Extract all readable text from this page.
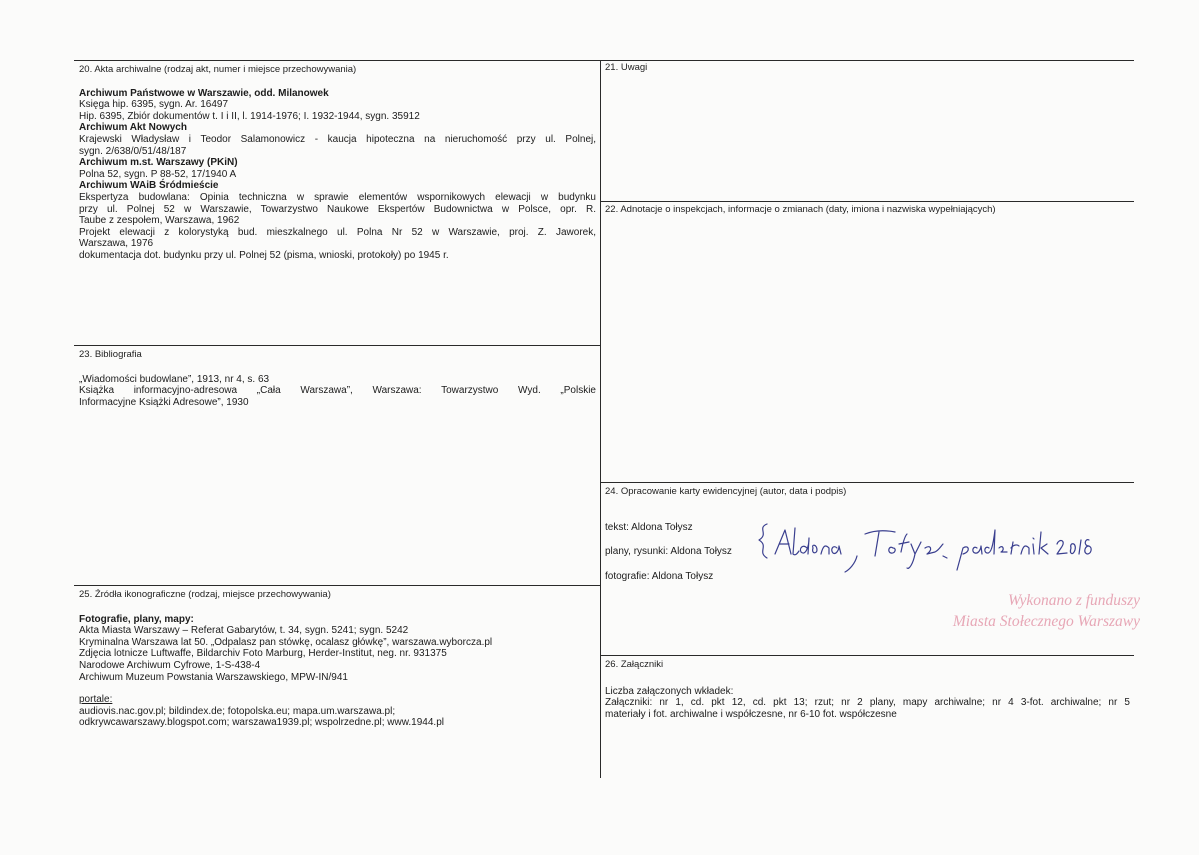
20. Akta archiwalne (rodzaj akt, numer i miejsce przechowywania)
Archiwum Państwowe w Warszawie, odd. Milanowek
Księga hip. 6395, sygn. Ar. 16497
Hip. 6395, Zbiór dokumentów t. I i II, l. 1914-1976; I. 1932-1944, sygn. 35912
Archiwum Akt Nowych
Krajewski Władysław i Teodor Salamonowicz - kaucja hipoteczna na nieruchomość przy ul. Polnej,
sygn. 2/638/0/51/48/187
Archiwum m.st. Warszawy (PKiN)
Polna 52, sygn. P 88-52, 17/1940 A
Archiwum WAiB Śródmieście
Ekspertyza budowlana: Opinia techniczna w sprawie elementów wspornikowych elewacji w budynku
przy ul. Polnej 52 w Warszawie, Towarzystwo Naukowe Ekspertów Budownictwa w Polsce, opr. R.
Taube z zespołem, Warszawa, 1962
Projekt elewacji z kolorystyką bud. mieszkalnego ul. Polna Nr 52 w Warszawie, proj. Z. Jaworek,
Warszawa, 1976
dokumentacja dot. budynku przy ul. Polnej 52 (pisma, wnioski, protokoły) po 1945 r.
21. Uwagi
22. Adnotacje o inspekcjach, informacje o zmianach (daty, imiona i nazwiska wypełniających)
23. Bibliografia
„Wiadomości budowlane”, 1913, nr 4, s. 63
Książka informacyjno-adresowa „Cała Warszawa”, Warszawa: Towarzystwo Wyd. „Polskie
Informacyjne Książki Adresowe”, 1930
24. Opracowanie karty ewidencyjnej (autor, data i podpis)
tekst: Aldona Tołysz
plany, rysunki: Aldona Tołysz
fotografie: Aldona Tołysz
Wykonano z funduszy
Miasta Stołecznego Warszawy
25. Źródła ikonograficzne (rodzaj, miejsce przechowywania)
Fotografie, plany, mapy:
Akta Miasta Warszawy – Referat Gabarytów, t. 34, sygn. 5241; sygn. 5242
Kryminalna Warszawa lat 50. „Odpalasz pan stówkę, ocalasz główkę”, warszawa.wyborcza.pl
Zdjęcia lotnicze Luftwaffe, Bildarchiv Foto Marburg, Herder-Institut, neg. nr. 931375
Narodowe Archiwum Cyfrowe, 1-S-438-4
Archiwum Muzeum Powstania Warszawskiego, MPW-IN/941
portale:
audiovis.nac.gov.pl; bildindex.de; fotopolska.eu; mapa.um.warszawa.pl;
odkrywcawarszawy.blogspot.com; warszawa1939.pl; wspolrzedne.pl; www.1944.pl
26. Załączniki
Liczba załączonych wkładek:
Załączniki: nr 1, cd. pkt 12, cd. pkt 13; rzut; nr 2 plany, mapy archiwalne; nr 4 3-fot. archiwalne; nr 5
materiały i fot. archiwalne i współczesne, nr 6-10 fot. współczesne
